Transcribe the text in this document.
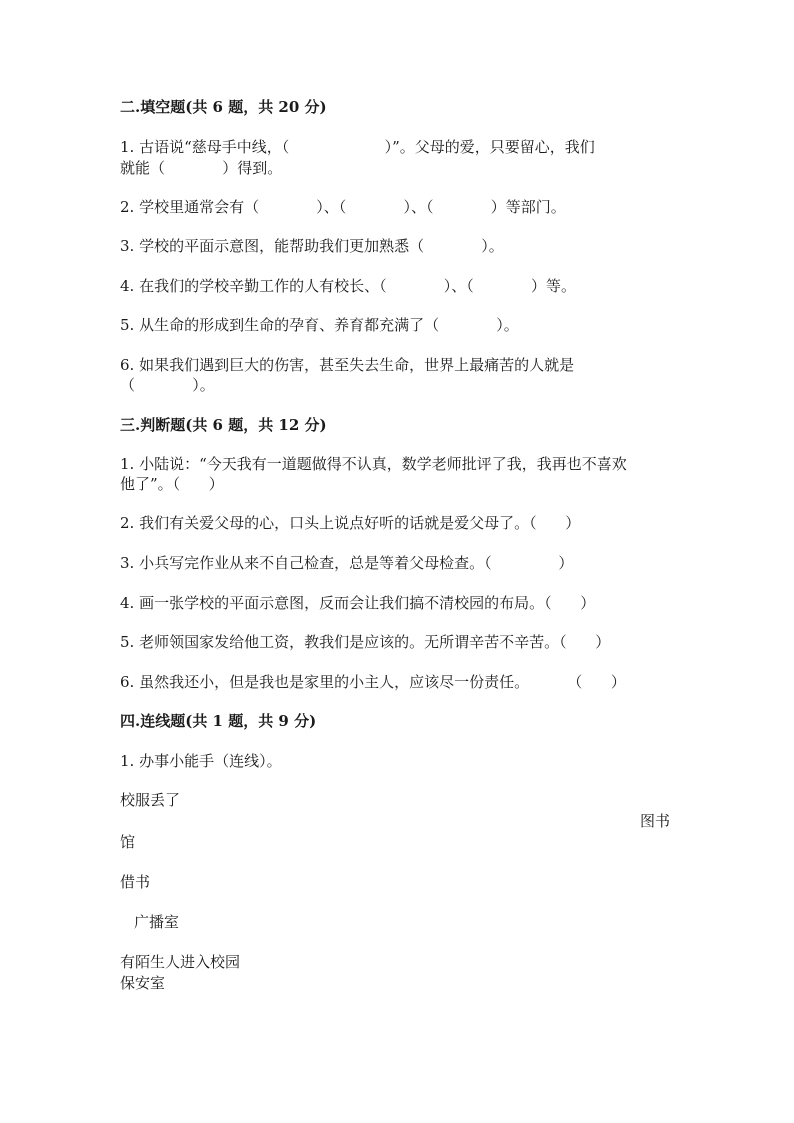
二.填空题(共 6 题，共 20 分)
1. 古语说“慈母手中线，（                    ）”。父母的爱，只要留心，我们
就能（            ）得到。
2. 学校里通常会有（            ）、（            ）、（            ）等部门。
3. 学校的平面示意图，能帮助我们更加熟悉（            ）。
4. 在我们的学校辛勤工作的人有校长、（            ）、（            ）等。
5. 从生命的形成到生命的孕育、养育都充满了（            ）。
6. 如果我们遇到巨大的伤害，甚至失去生命，世界上最痛苦的人就是
（            ）。
三.判断题(共 6 题，共 12 分)
1. 小陆说：“今天我有一道题做得不认真，数学老师批评了我，我再也不喜欢
他了”。（      ）
2. 我们有关爱父母的心，口头上说点好听的话就是爱父母了。（      ）
3. 小兵写完作业从来不自己检查，总是等着父母检查。（              ）
4. 画一张学校的平面示意图，反而会让我们搞不清校园的布局。（      ）
5. 老师领国家发给他工资，教我们是应该的。无所谓辛苦不辛苦。（      ）
6. 虽然我还小，但是我也是家里的小主人，应该尽一份责任。        （      ）
四.连线题(共 1 题，共 9 分)
1. 办事小能手（连线）。
校服丢了
图书
馆
借书
广播室
有陌生人进入校园
保安室
